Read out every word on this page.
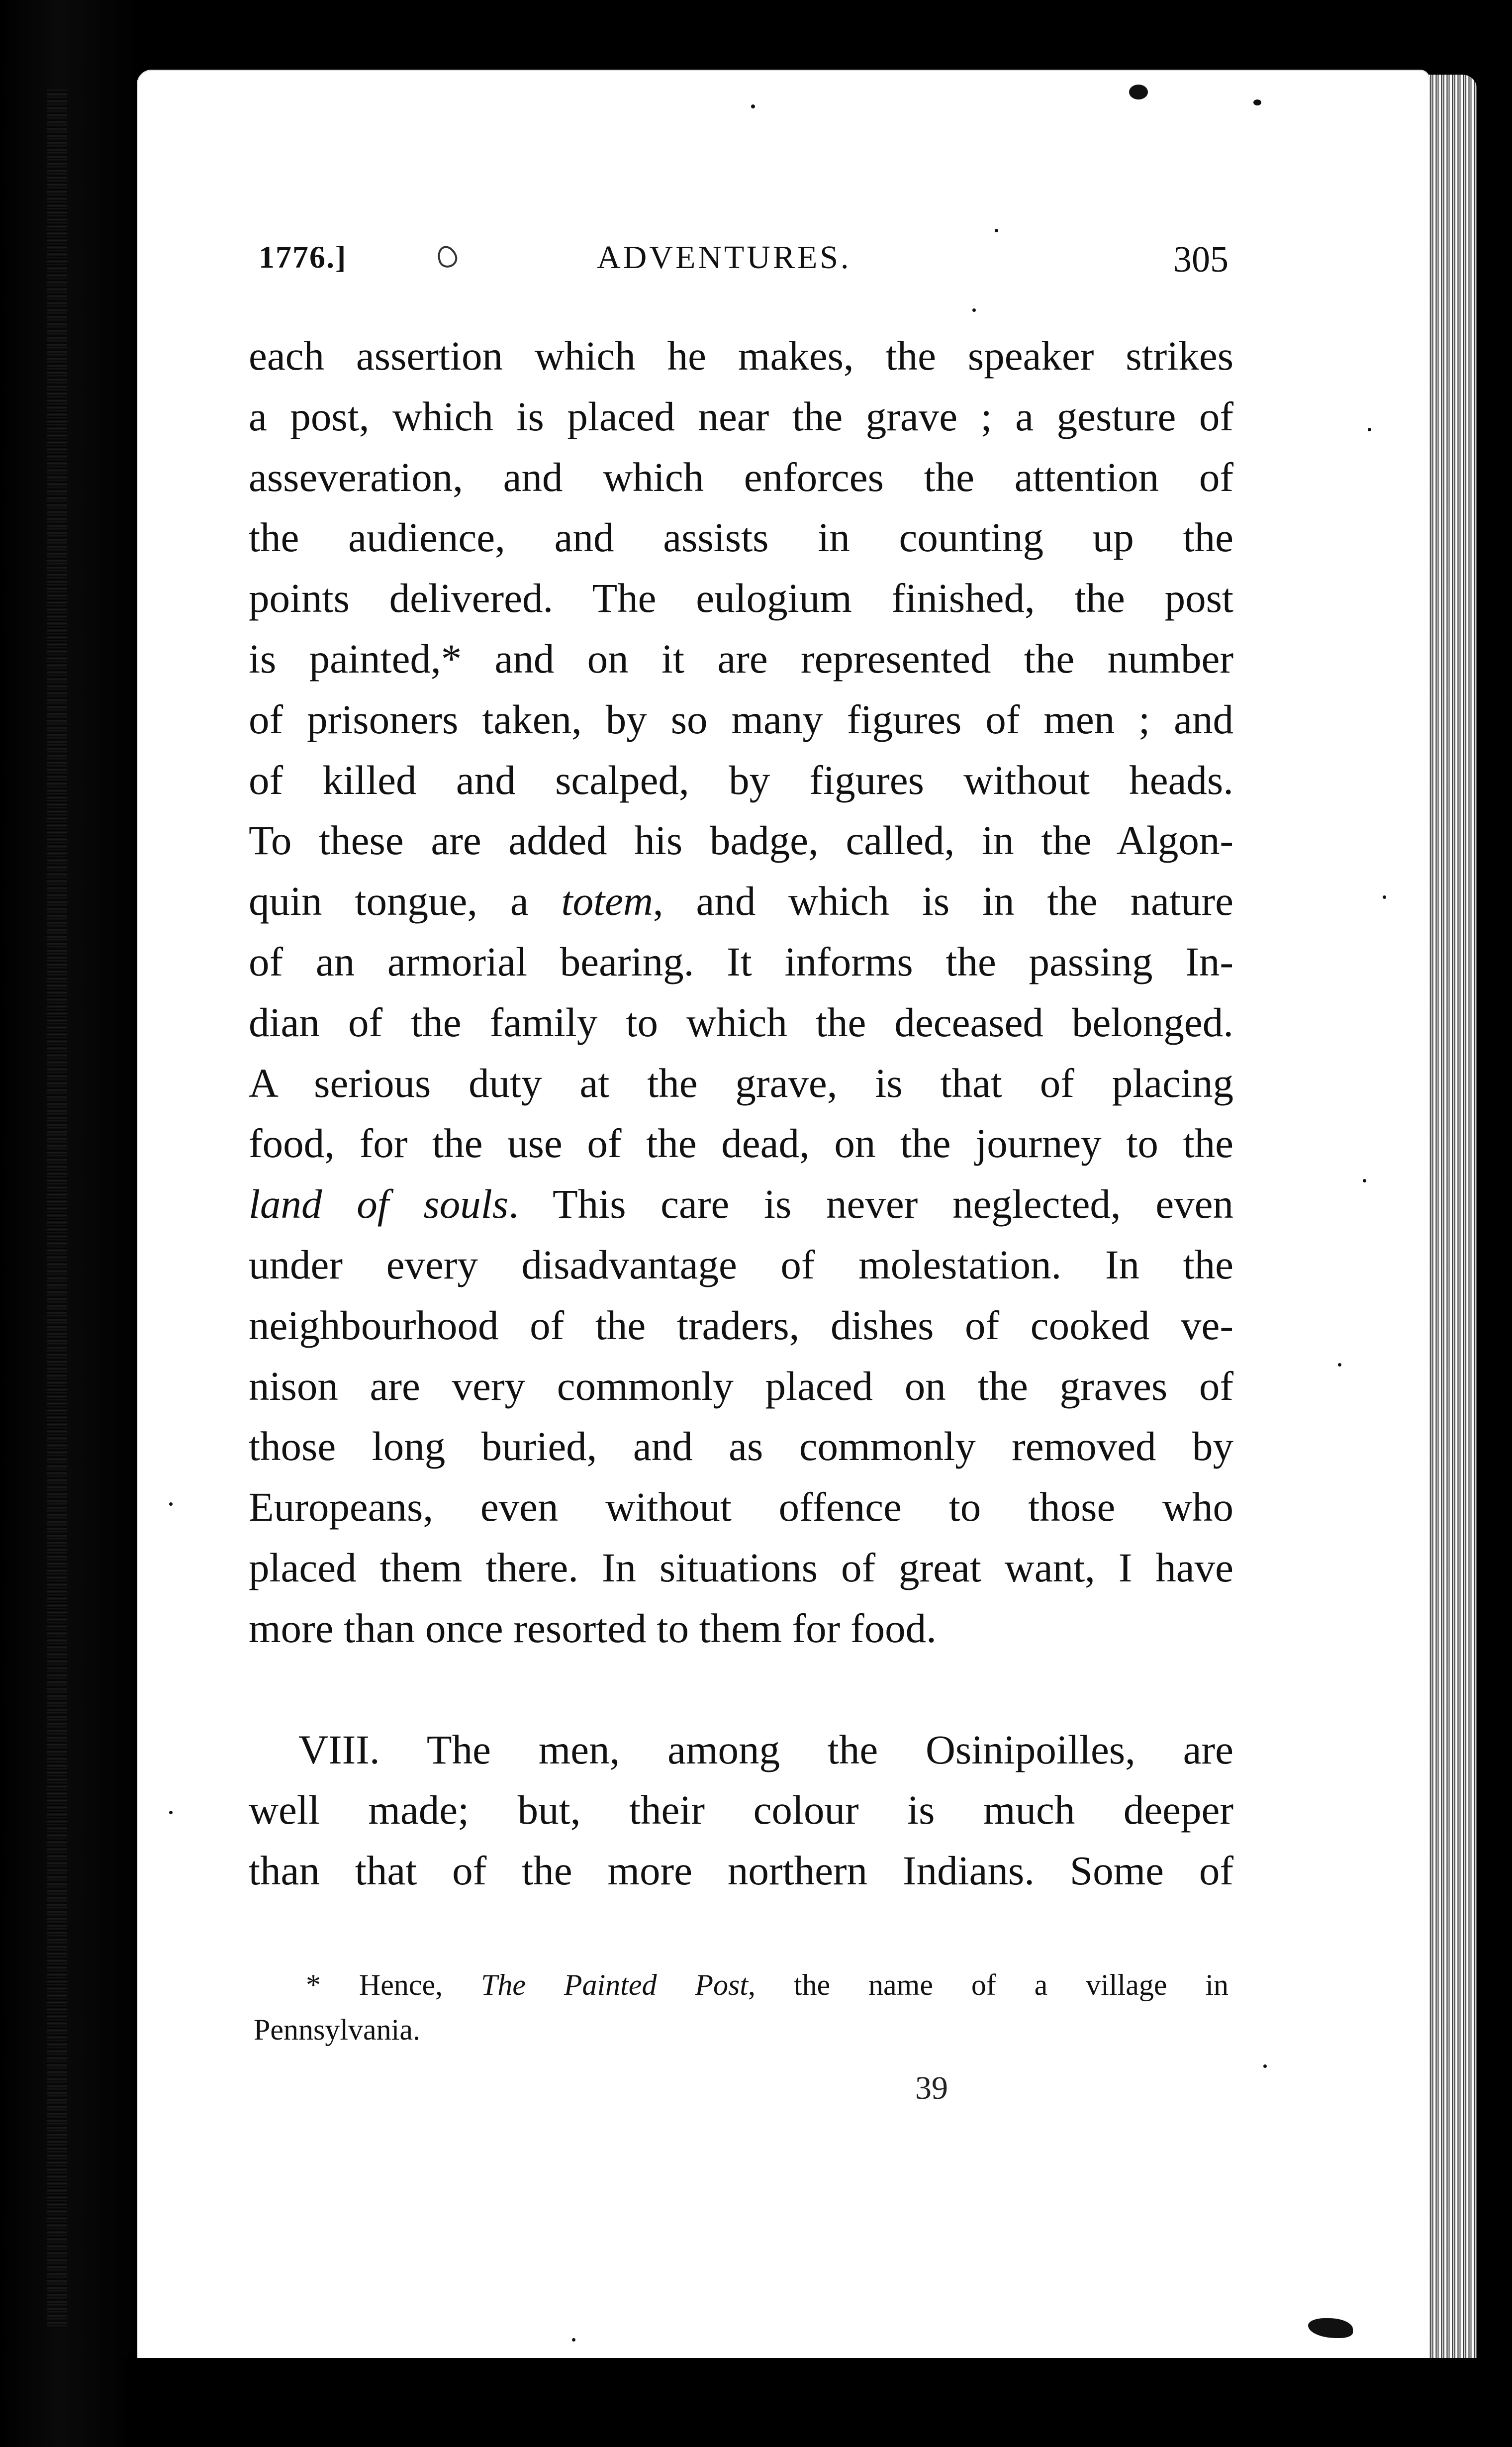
1776.]	ADVENTURES.	305
each assertion which he makes, the speaker strikes
a post, which is placed near the grave ; a gesture of
asseveration, and which enforces the attention of
the audience, and assists in counting up the
points delivered. The eulogium finished, the post
is painted,* and on it are represented the number
of prisoners taken, by so many figures of men ; and
of killed and scalped, by figures without heads.
To these are added his badge, called, in the Algon-
quin tongue, a totem, and which is in the nature
of an armorial bearing. It informs the passing In-
dian of the family to which the deceased belonged.
A serious duty at the grave, is that of placing
food, for the use of the dead, on the journey to the
land of souls. This care is never neglected, even
under every disadvantage of molestation. In the
neighbourhood of the traders, dishes of cooked ve-
nison are very commonly placed on the graves of
those long buried, and as commonly removed by
Europeans, even without offence to those who
placed them there. In situations of great want, I have
more than once resorted to them for food.
VIII. The men, among the Osinipoilles, are
well made; but, their colour is much deeper
than that of the more northern Indians. Some of
* Hence, The Painted Post, the name of a village in
Pennsylvania.
39
